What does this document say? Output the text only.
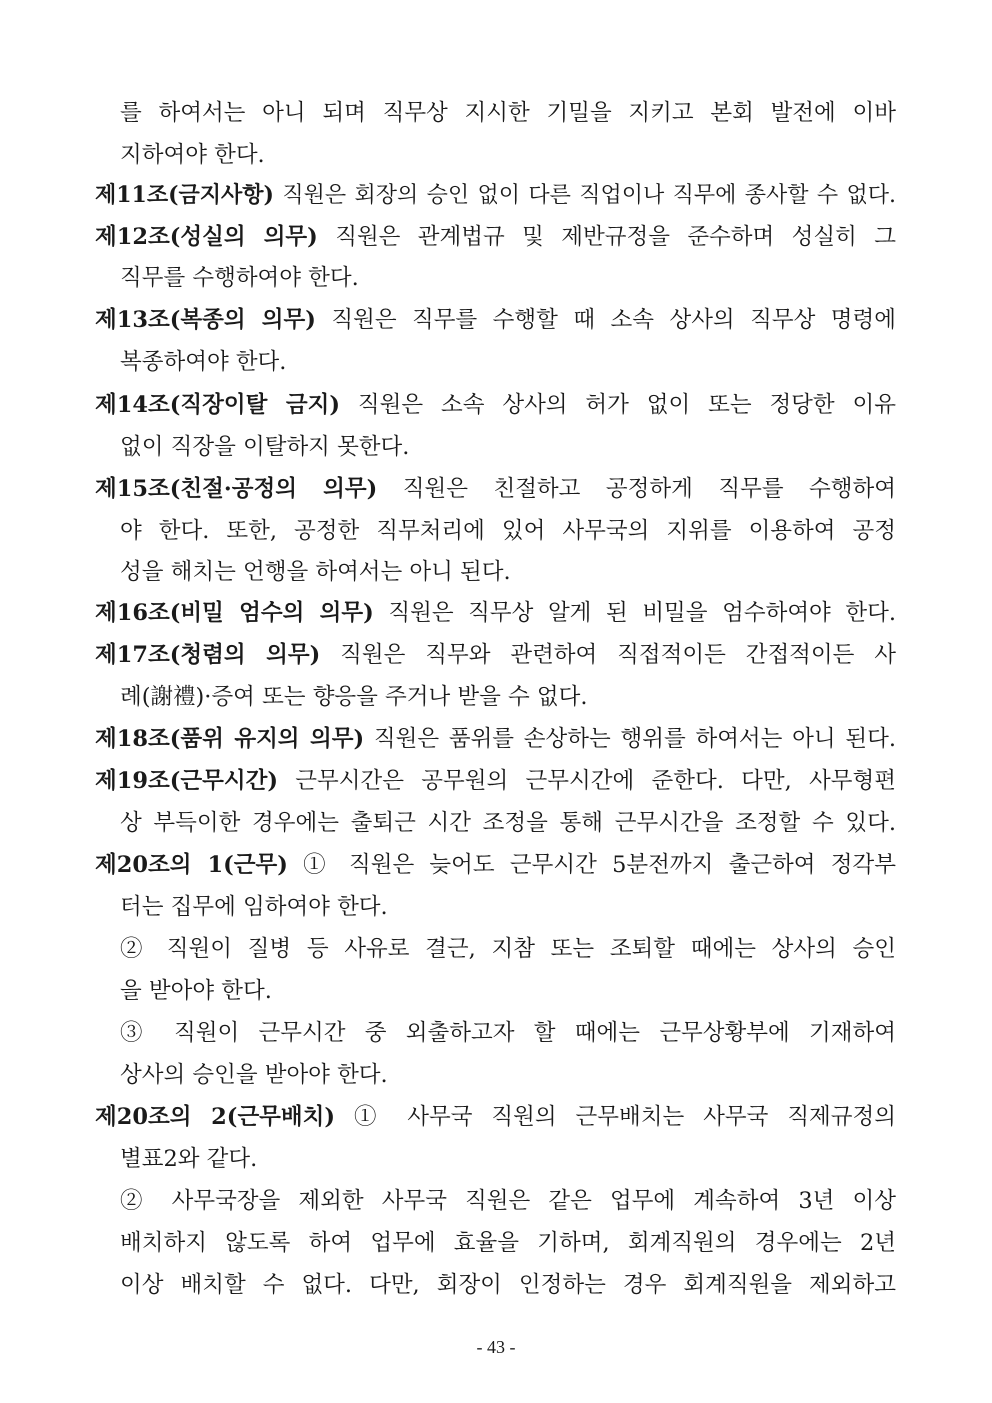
를 하여서는 아니 되며 직무상 지시한 기밀을 지키고 본회 발전에 이바
지하여야 한다.
제11조(금지사항) 직원은 회장의 승인 없이 다른 직업이나 직무에 종사할 수 없다.
제12조(성실의 의무) 직원은 관계법규 및 제반규정을 준수하며 성실히 그
직무를 수행하여야 한다.
제13조(복종의 의무) 직원은 직무를 수행할 때 소속 상사의 직무상 명령에
복종하여야 한다.
제14조(직장이탈 금지) 직원은 소속 상사의 허가 없이 또는 정당한 이유
없이 직장을 이탈하지 못한다.
제15조(친절·공정의 의무) 직원은 친절하고 공정하게 직무를 수행하여
야 한다. 또한, 공정한 직무처리에 있어 사무국의 지위를 이용하여 공정
성을 해치는 언행을 하여서는 아니 된다.
제16조(비밀 엄수의 의무) 직원은 직무상 알게 된 비밀을 엄수하여야 한다.
제17조(청렴의 의무) 직원은 직무와 관련하여 직접적이든 간접적이든 사
례(謝禮)·증여 또는 향응을 주거나 받을 수 없다.
제18조(품위 유지의 의무) 직원은 품위를 손상하는 행위를 하여서는 아니 된다.
제19조(근무시간) 근무시간은 공무원의 근무시간에 준한다. 다만, 사무형편
상 부득이한 경우에는 출퇴근 시간 조정을 통해 근무시간을 조정할 수 있다.
제20조의 1(근무) ① 직원은 늦어도 근무시간 5분전까지 출근하여 정각부
터는 집무에 임하여야 한다.
② 직원이 질병 등 사유로 결근, 지참 또는 조퇴할 때에는 상사의 승인
을 받아야 한다.
③ 직원이 근무시간 중 외출하고자 할 때에는 근무상황부에 기재하여
상사의 승인을 받아야 한다.
제20조의 2(근무배치) ① 사무국 직원의 근무배치는 사무국 직제규정의
별표2와 같다.
② 사무국장을 제외한 사무국 직원은 같은 업무에 계속하여 3년 이상
배치하지 않도록 하여 업무에 효율을 기하며, 회계직원의 경우에는 2년
이상 배치할 수 없다. 다만, 회장이 인정하는 경우 회계직원을 제외하고
- 43 -
